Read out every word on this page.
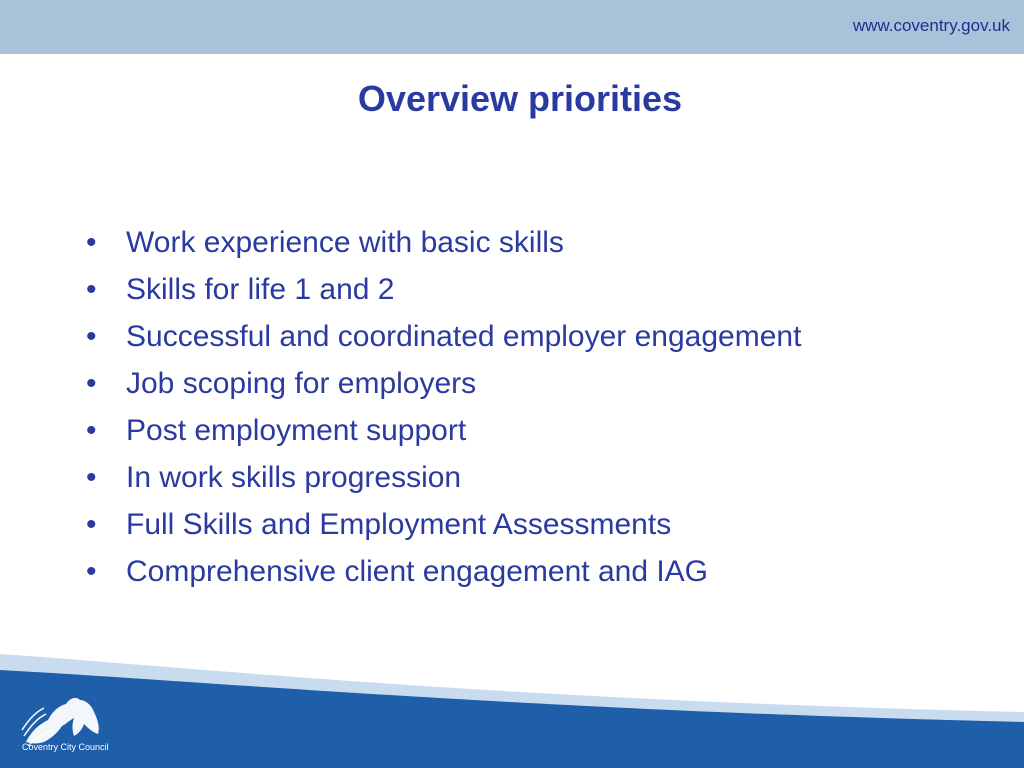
www.coventry.gov.uk
Overview priorities
• Work experience with basic skills
• Skills for life 1 and 2
• Successful and coordinated employer engagement
• Job scoping for employers
• Post employment support
• In work skills progression
• Full Skills and Employment Assessments
• Comprehensive client engagement and IAG
Coventry City Council
